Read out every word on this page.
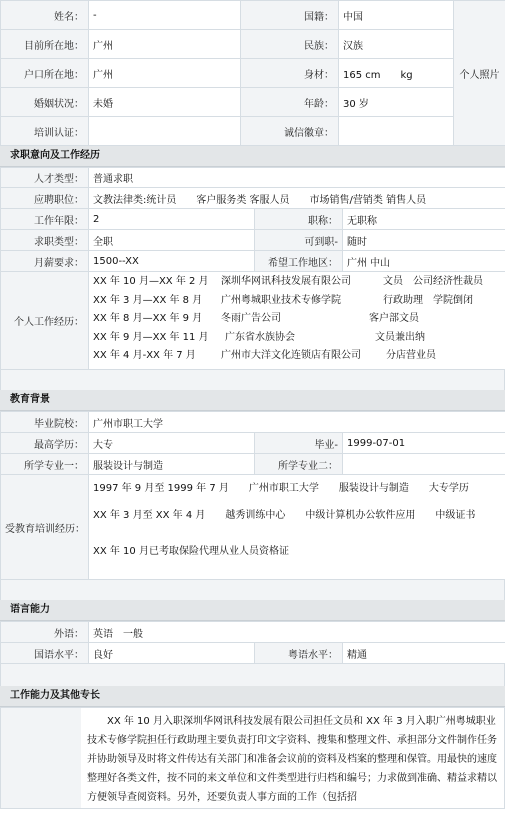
姓名：	-	国籍：	中国	个人照片
目前所在地：	广州	民族：	汉族	
户口所在地：	广州	身材：	165 cm　　kg	
婚姻状况：	未婚	年龄：	30 岁	
培训认证：		诚信徽章：		
求职意向及工作经历
人才类型：	普通求职		
应聘职位：	文教法律类:统计员　　客户服务类 客服人员　　市场销售/营销类 销售人员		
工作年限：	2	职称：	无职称
求职类型：	全职	可到职-	随时
月薪要求：	1500--XX	希望工作地区：	广州 中山
个人工作经历：	XX 年 10 月—XX 年 2 月 深圳华网讯科技发展有限公司 文员　公司经济性裁员
XX 年 3 月—XX 年 8 月 广州粤城职业技术专修学院 行政助理　学院倒闭
XX 年 8 月—XX 年 9 月 冬雨广告公司 客户部文员
XX 年 9 月—XX 年 11 月 广东省水族协会 文员兼出纳
XX 年 4 月-XX 年 7 月 广州市大洋文化连锁店有限公司 分店营业员		
教育背景
毕业院校：	广州市职工大学		
最高学历：	大专	毕业-	1999-07-01
所学专业一：	服装设计与制造	所学专业二：	
受教育培训经历：	1997 年 9 月至 1999 年 7 月　　广州市职工大学　　服装设计与制造　　大专学历
XX 年 3 月至 XX 年 4 月　　越秀训练中心　　中级计算机办公软件应用　　中级证书
XX 年 10 月已考取保险代理从业人员资格证		
语言能力
外语：	英语　一般		
国语水平：	良好	粤语水平：	精通
工作能力及其他专长
XX 年 10 月入职深圳华网讯科技发展有限公司担任文员和 XX 年 3 月入职广州粤城职业技术专修学院担任行政助理主要负责打印文字资料、搜集和整理文件、承担部分文件制作任务并协助领导及时将文件传达有关部门和准备会议前的资料及档案的整理和保管。用最快的速度整理好各类文件，按不同的来文单位和文件类型进行归档和编号；力求做到准确、精益求精以方便领导查阅资料。另外，还要负责人事方面的工作（包括招
